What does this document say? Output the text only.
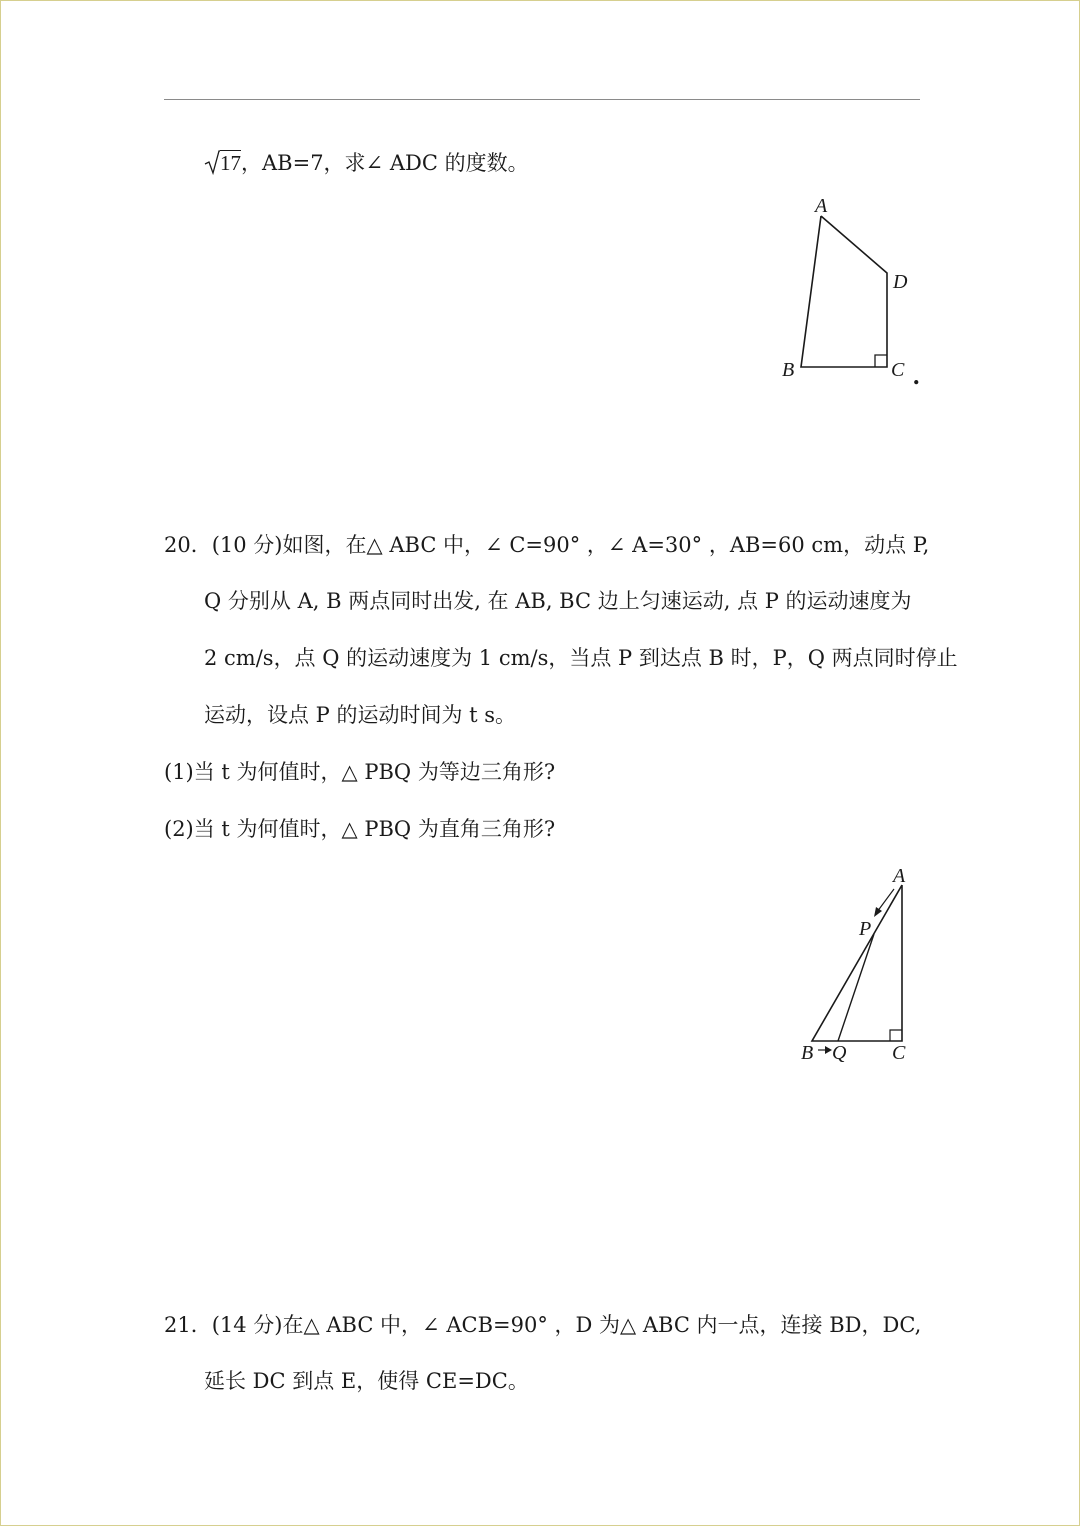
17，AB=7，求∠ ADC 的度数。
A
D
B	C .
20．(10 分)如图，在△ ABC 中，∠ C=90° ，∠ A=30° ，AB=60 cm，动点 P,
Q 分别从 A, B 两点同时出发, 在 AB, BC 边上匀速运动, 点 P 的运动速度为
2 cm/s，点 Q 的运动速度为 1 cm/s，当点 P 到达点 B 时，P，Q 两点同时停止
运动，设点 P 的运动时间为 t s。
(1)当 t 为何值时，△ PBQ 为等边三角形?
(2)当 t 为何值时，△ PBQ 为直角三角形?
A
P
B Q C
21．(14 分)在△ ABC 中，∠ ACB=90° ，D 为△ ABC 内一点，连接 BD，DC,
延长 DC 到点 E，使得 CE=DC。
